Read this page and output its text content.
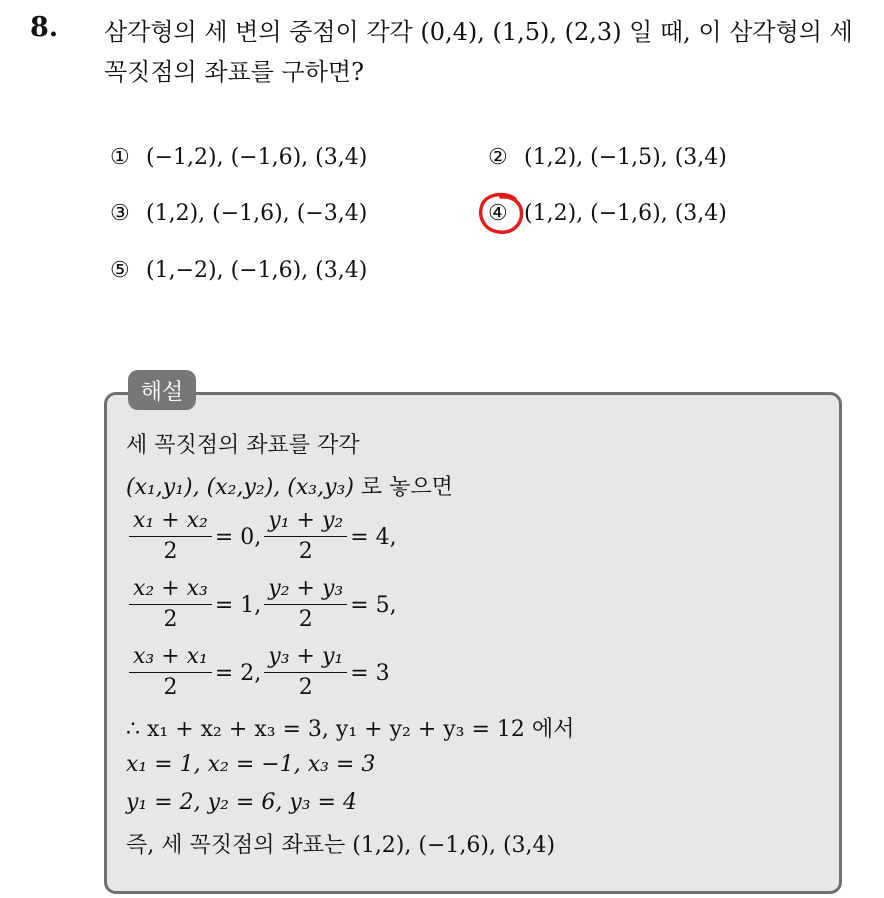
8. 삼각형의 세 변의 중점이 각각 (0,4), (1,5), (2,3) 일 때, 이 삼각형의 세 꼭짓점의 좌표를 구하면?
① (−1,2), (−1,6), (3,4)	② (1,2), (−1,5), (3,4)
③ (1,2), (−1,6), (−3,4)	④ (1,2), (−1,6), (3,4)
⑤ (1,−2), (−1,6), (3,4)
해설
세 꼭짓점의 좌표를 각각
(x₁,y₁), (x₂,y₂), (x₃,y₃) 로 놓으면
$\frac{\text{x₁ + x₂}}{2} = 0$, $\frac{\text{y₁ + y₂}}{2} = 4$,
$\frac{\text{x₂ + x₃}}{2} = 1$, $\frac{\text{y₂ + y₃}}{2} = 5$,
$\frac{\text{x₃ + x₁}}{2} = 2$, $\frac{\text{y₃ + y₁}}{2} = 3$
∴ x₁ + x₂ + x₃ = 3, y₁ + y₂ + y₃ = 12 에서
x₁ = 1, x₂ = −1, x₃ = 3
y₁ = 2, y₂ = 6, y₃ = 4
즉, 세 꼭짓점의 좌표는 (1,2), (−1,6), (3,4)
